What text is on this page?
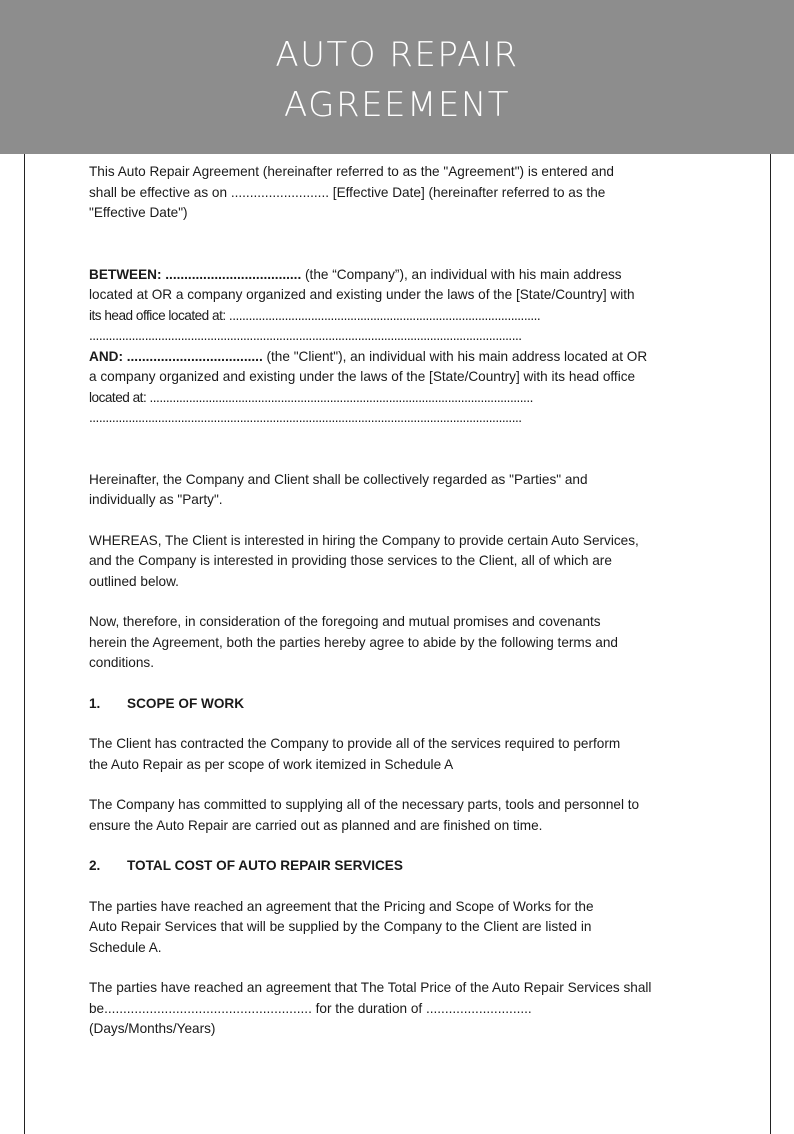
AUTO REPAIR
AGREEMENT
This Auto Repair Agreement (hereinafter referred to as the "Agreement") is entered and
shall be effective as on .......................... [Effective Date] (hereinafter referred to as the
"Effective Date")
BETWEEN: .................................... (the “Company”), an individual with his main address
located at OR a company organized and existing under the laws of the [State/Country] with
its head office located at: ...............................................................................................
....................................................................................................................................
AND: .................................... (the "Client"), an individual with his main address located at OR
a company organized and existing under the laws of the [State/Country] with its head office
located at: .....................................................................................................................
....................................................................................................................................
Hereinafter, the Company and Client shall be collectively regarded as "Parties" and
individually as "Party".
WHEREAS, The Client is interested in hiring the Company to provide certain Auto Services,
and the Company is interested in providing those services to the Client, all of which are
outlined below.
Now, therefore, in consideration of the foregoing and mutual promises and covenants
herein the Agreement, both the parties hereby agree to abide by the following terms and
conditions.
1. SCOPE OF WORK
The Client has contracted the Company to provide all of the services required to perform
the Auto Repair as per scope of work itemized in Schedule A
The Company has committed to supplying all of the necessary parts, tools and personnel to
ensure the Auto Repair are carried out as planned and are finished on time.
2. TOTAL COST OF AUTO REPAIR SERVICES
The parties have reached an agreement that the Pricing and Scope of Works for the
Auto Repair Services that will be supplied by the Company to the Client are listed in
Schedule A.
The parties have reached an agreement that The Total Price of the Auto Repair Services shall
be....................................................... for the duration of ............................
(Days/Months/Years)
